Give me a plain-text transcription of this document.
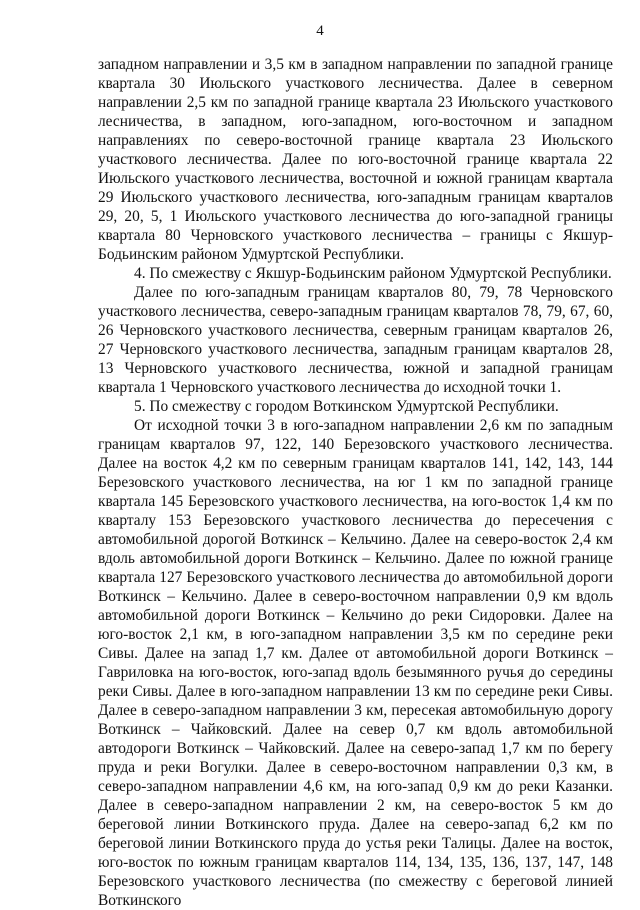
4

западном направлении и 3,5 км в западном направлении по западной границе квартала 30 Июльского участкового лесничества. Далее в северном направлении 2,5 км по западной границе квартала 23 Июльского участкового лесничества, в западном, юго-западном, юго-восточном и западном направлениях по северо-восточной границе квартала 23 Июльского участкового лесничества. Далее по юго-восточной границе квартала 22 Июльского участкового лесничества, восточной и южной границам квартала 29 Июльского участкового лесничества, юго-западным границам кварталов 29, 20, 5, 1 Июльского участкового лесничества до юго-западной границы квартала 80 Черновского участкового лесничества – границы с Якшур-Бодьинским районом Удмуртской Республики.

4. По смежеству с Якшур-Бодьинским районом Удмуртской Республики.

Далее по юго-западным границам кварталов 80, 79, 78 Черновского участкового лесничества, северо-западным границам кварталов 78, 79, 67, 60, 26 Черновского участкового лесничества, северным границам кварталов 26, 27 Черновского участкового лесничества, западным границам кварталов 28, 13 Черновского участкового лесничества, южной и западной границам квартала 1 Черновского участкового лесничества до исходной точки 1.

5. По смежеству с городом Воткинском Удмуртской Республики.

От исходной точки 3 в юго-западном направлении 2,6 км по западным границам кварталов 97, 122, 140 Березовского участкового лесничества. Далее на восток 4,2 км по северным границам кварталов 141, 142, 143, 144 Березовского участкового лесничества, на юг 1 км по западной границе квартала 145 Березовского участкового лесничества, на юго-восток 1,4 км по кварталу 153 Березовского участкового лесничества до пересечения с автомобильной дорогой Воткинск – Кельчино. Далее на северо-восток 2,4 км вдоль автомобильной дороги Воткинск – Кельчино. Далее по южной границе квартала 127 Березовского участкового лесничества до автомобильной дороги Воткинск – Кельчино. Далее в северо-восточном направлении 0,9 км вдоль автомобильной дороги Воткинск – Кельчино до реки Сидоровки. Далее на юго-восток 2,1 км, в юго-западном направлении 3,5 км по середине реки Сивы. Далее на запад 1,7 км. Далее от автомобильной дороги Воткинск – Гавриловка на юго-восток, юго-запад вдоль безымянного ручья до середины реки Сивы. Далее в юго-западном направлении 13 км по середине реки Сивы. Далее в северо-западном направлении 3 км, пересекая автомобильную дорогу Воткинск – Чайковский. Далее на север 0,7 км вдоль автомобильной автодороги Воткинск – Чайковский. Далее на северо-запад 1,7 км по берегу пруда и реки Вогулки. Далее в северо-восточном направлении 0,3 км, в северо-западном направлении 4,6 км, на юго-запад 0,9 км до реки Казанки. Далее в северо-западном направлении 2 км, на северо-восток 5 км до береговой линии Воткинского пруда. Далее на северо-запад 6,2 км по береговой линии Воткинского пруда до устья реки Талицы. Далее на восток, юго-восток по южным границам кварталов 114, 134, 135, 136, 137, 147, 148 Березовского участкового лесничества (по смежеству с береговой линией Воткинского
